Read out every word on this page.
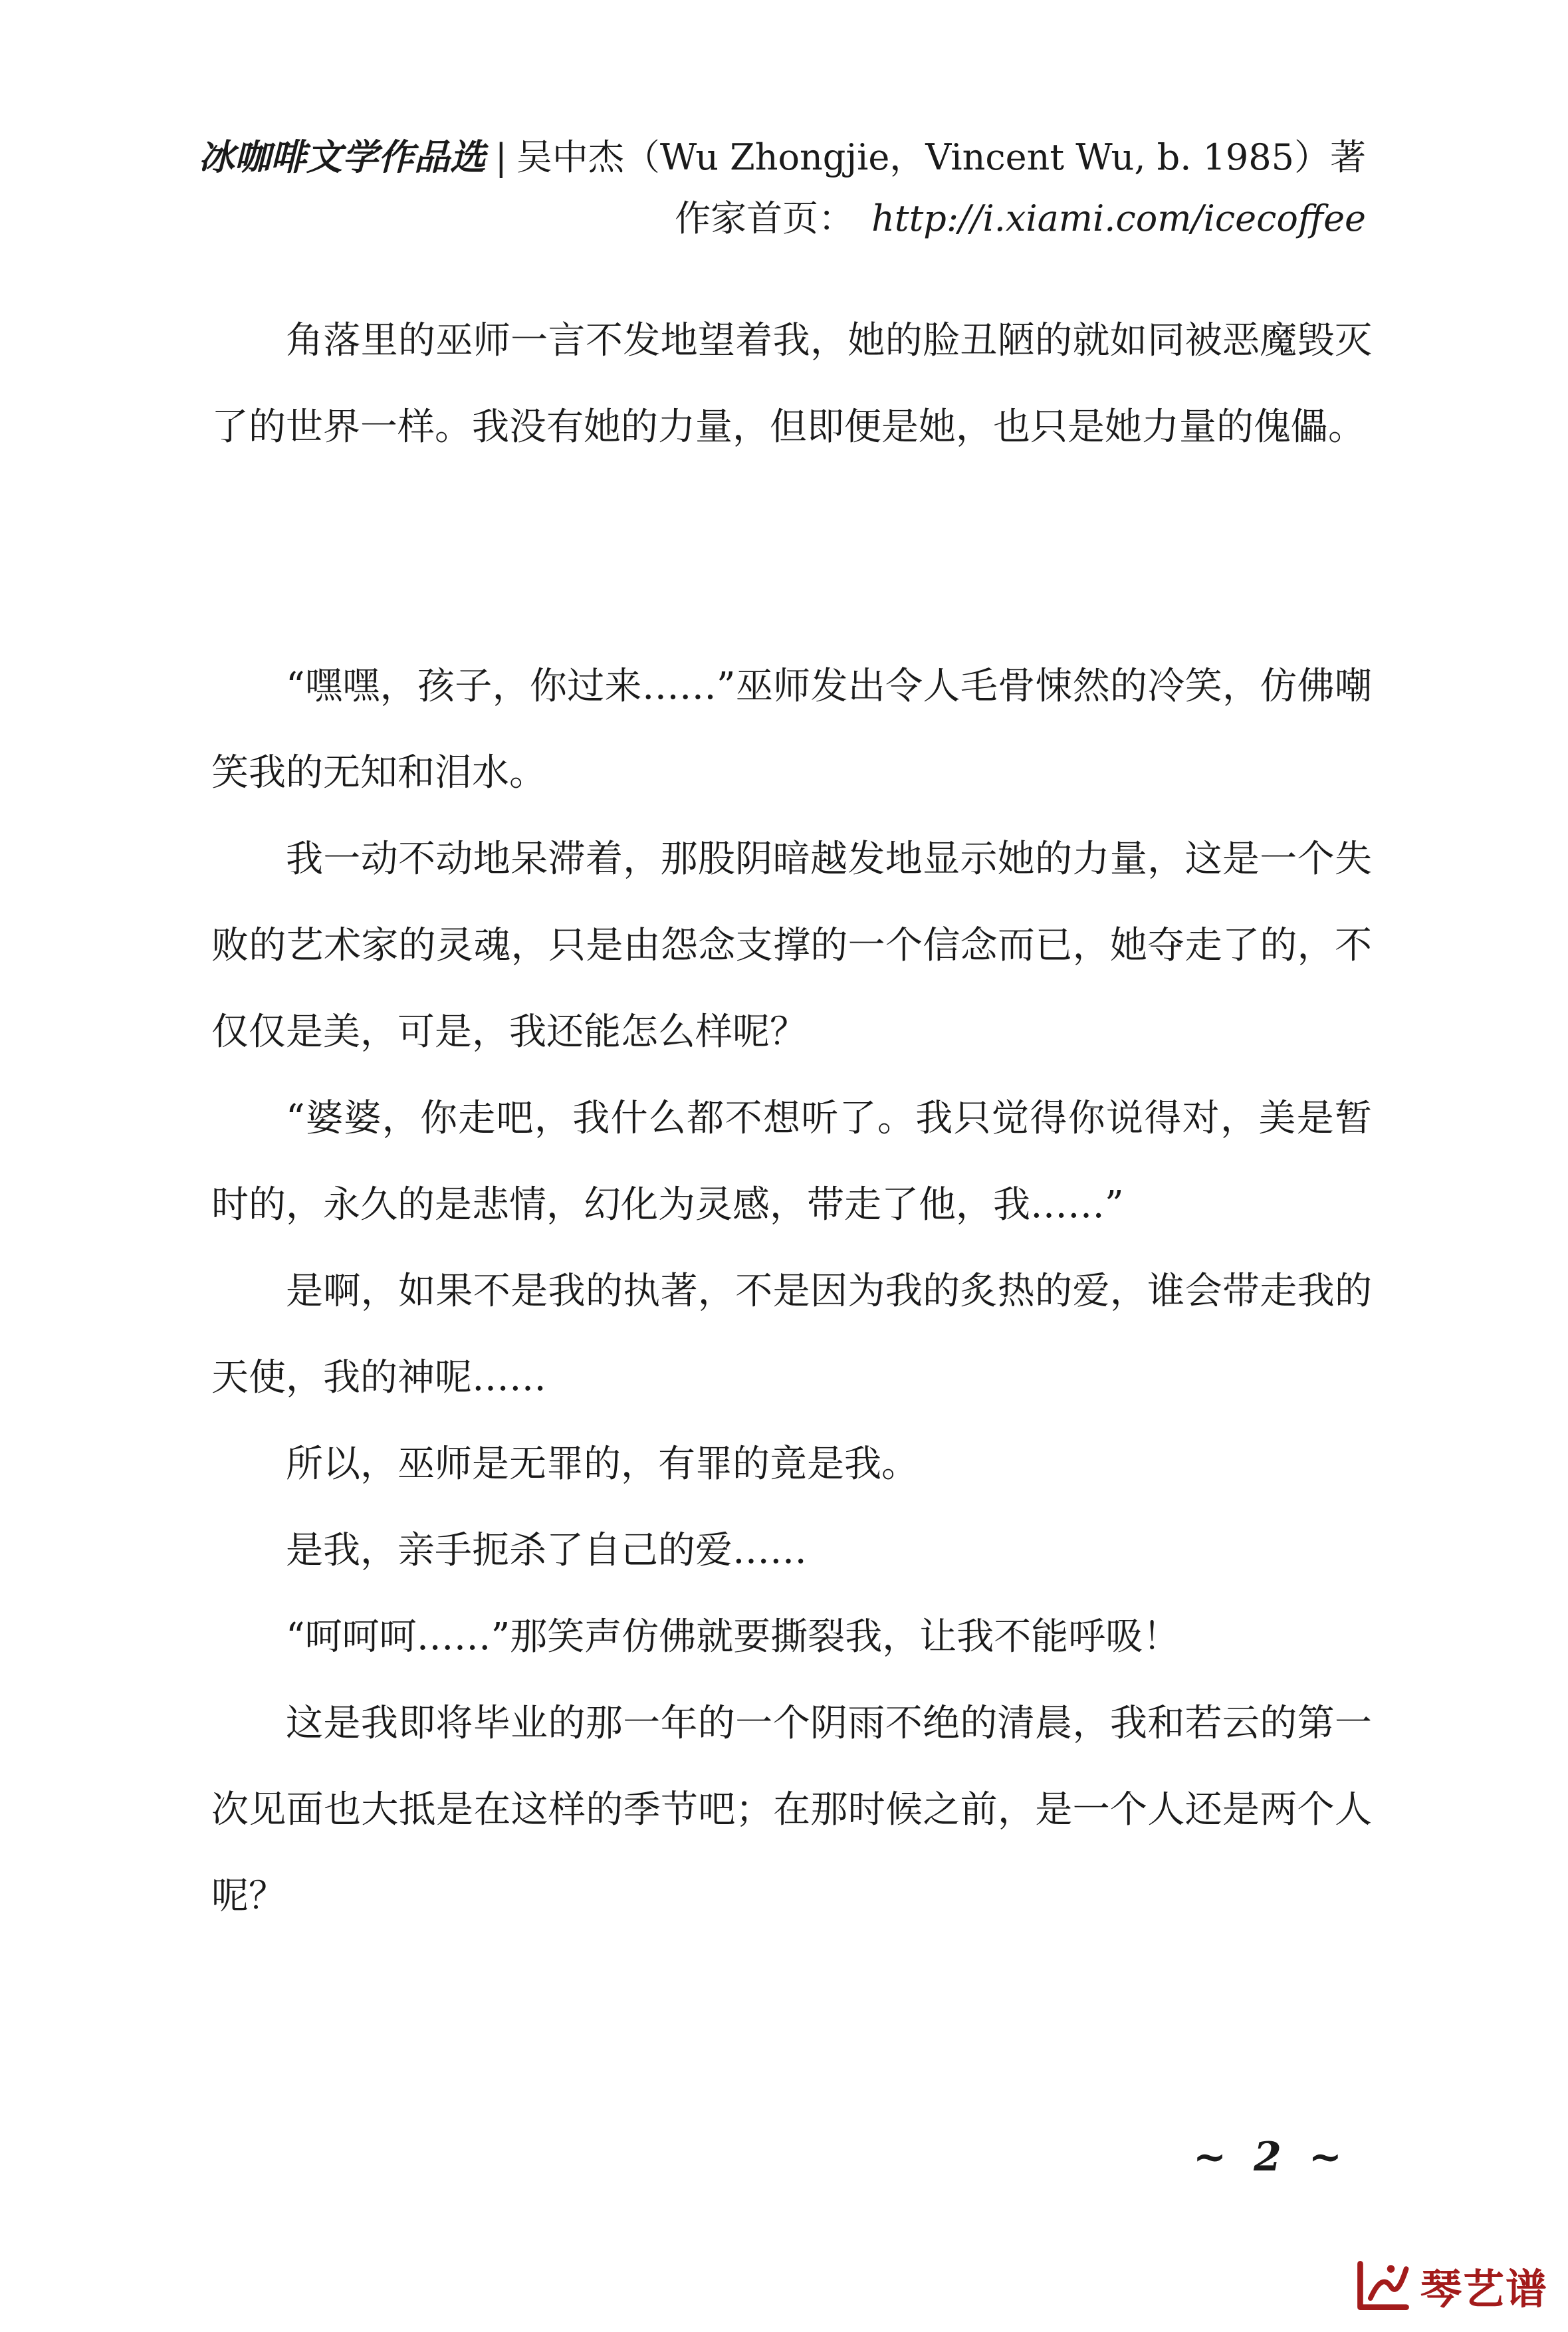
冰咖啡文学作品选 | 吴中杰（Wu Zhongjie，Vincent Wu, b. 1985）著
作家首页： http://i.xiami.com/icecoffee

角落里的巫师一言不发地望着我，她的脸丑陋的就如同被恶魔毁灭了的世界一样。我没有她的力量，但即便是她，也只是她力量的傀儡。

“嘿嘿，孩子，你过来……”巫师发出令人毛骨悚然的冷笑，仿佛嘲笑我的无知和泪水。

我一动不动地呆滞着，那股阴暗越发地显示她的力量，这是一个失败的艺术家的灵魂，只是由怨念支撑的一个信念而已，她夺走了的，不仅仅是美，可是，我还能怎么样呢？

“婆婆，你走吧，我什么都不想听了。我只觉得你说得对，美是暂时的，永久的是悲情，幻化为灵感，带走了他，我……”

是啊，如果不是我的执著，不是因为我的炙热的爱，谁会带走我的天使，我的神呢……

所以，巫师是无罪的，有罪的竟是我。

是我，亲手扼杀了自己的爱……

“呵呵呵……”那笑声仿佛就要撕裂我，让我不能呼吸！

这是我即将毕业的那一年的一个阴雨不绝的清晨，我和若云的第一次见面也大抵是在这样的季节吧；在那时候之前，是一个人还是两个人呢？

~ 2 ~
琴艺谱
